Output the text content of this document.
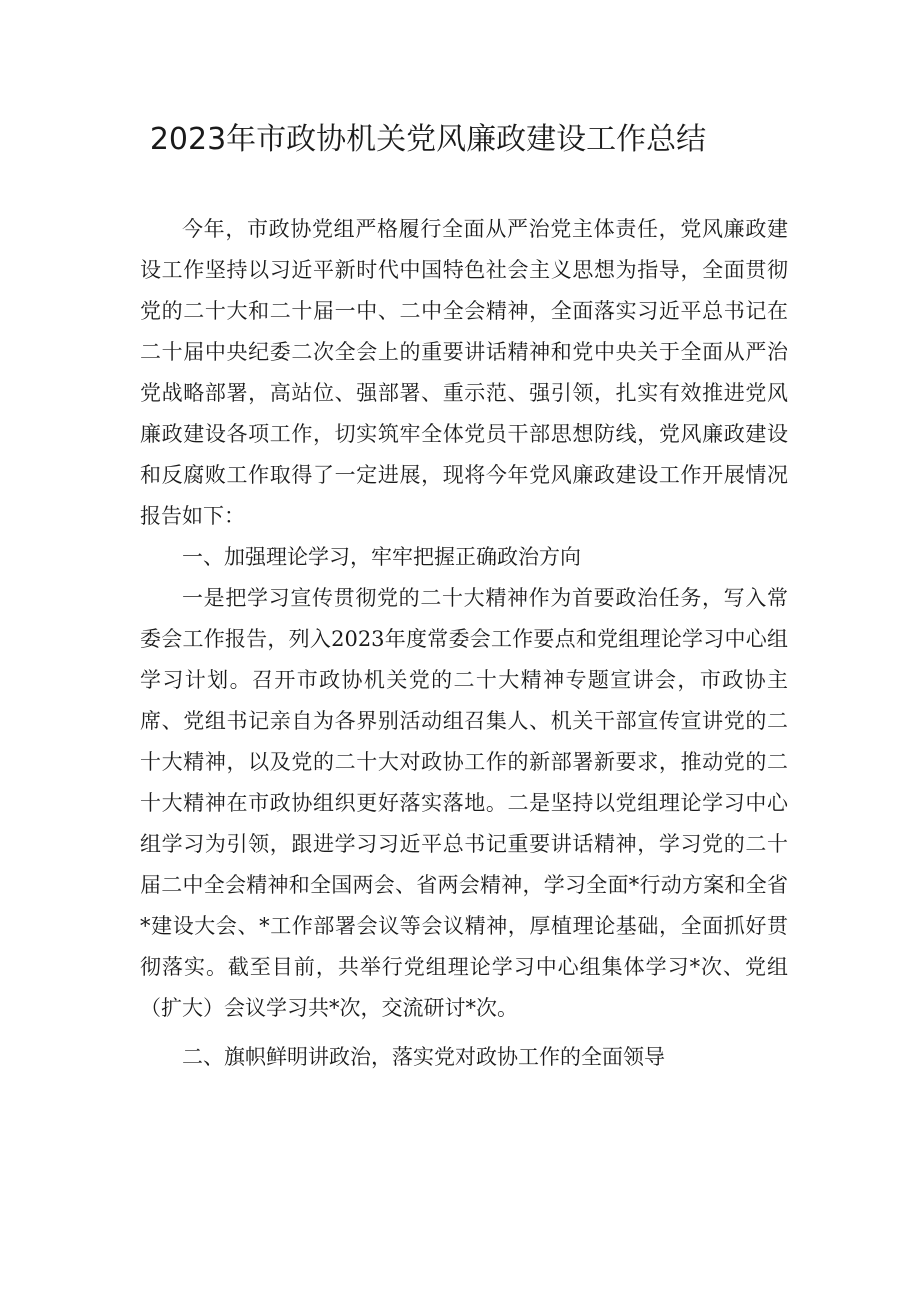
2023年市政协机关党风廉政建设工作总结

今年，市政协党组严格履行全面从严治党主体责任，党风廉政建设工作坚持以习近平新时代中国特色社会主义思想为指导，全面贯彻党的二十大和二十届一中、二中全会精神，全面落实习近平总书记在二十届中央纪委二次全会上的重要讲话精神和党中央关于全面从严治党战略部署，高站位、强部署、重示范、强引领，扎实有效推进党风廉政建设各项工作，切实筑牢全体党员干部思想防线，党风廉政建设和反腐败工作取得了一定进展，现将今年党风廉政建设工作开展情况报告如下：

一、加强理论学习，牢牢把握正确政治方向

一是把学习宣传贯彻党的二十大精神作为首要政治任务，写入常委会工作报告，列入2023年度常委会工作要点和党组理论学习中心组学习计划。召开市政协机关党的二十大精神专题宣讲会，市政协主席、党组书记亲自为各界别活动组召集人、机关干部宣传宣讲党的二十大精神，以及党的二十大对政协工作的新部署新要求，推动党的二十大精神在市政协组织更好落实落地。二是坚持以党组理论学习中心组学习为引领，跟进学习习近平总书记重要讲话精神，学习党的二十届二中全会精神和全国两会、省两会精神，学习全面*行动方案和全省*建设大会、*工作部署会议等会议精神，厚植理论基础，全面抓好贯彻落实。截至目前，共举行党组理论学习中心组集体学习*次、党组（扩大）会议学习共*次，交流研讨*次。

二、旗帜鲜明讲政治，落实党对政协工作的全面领导
